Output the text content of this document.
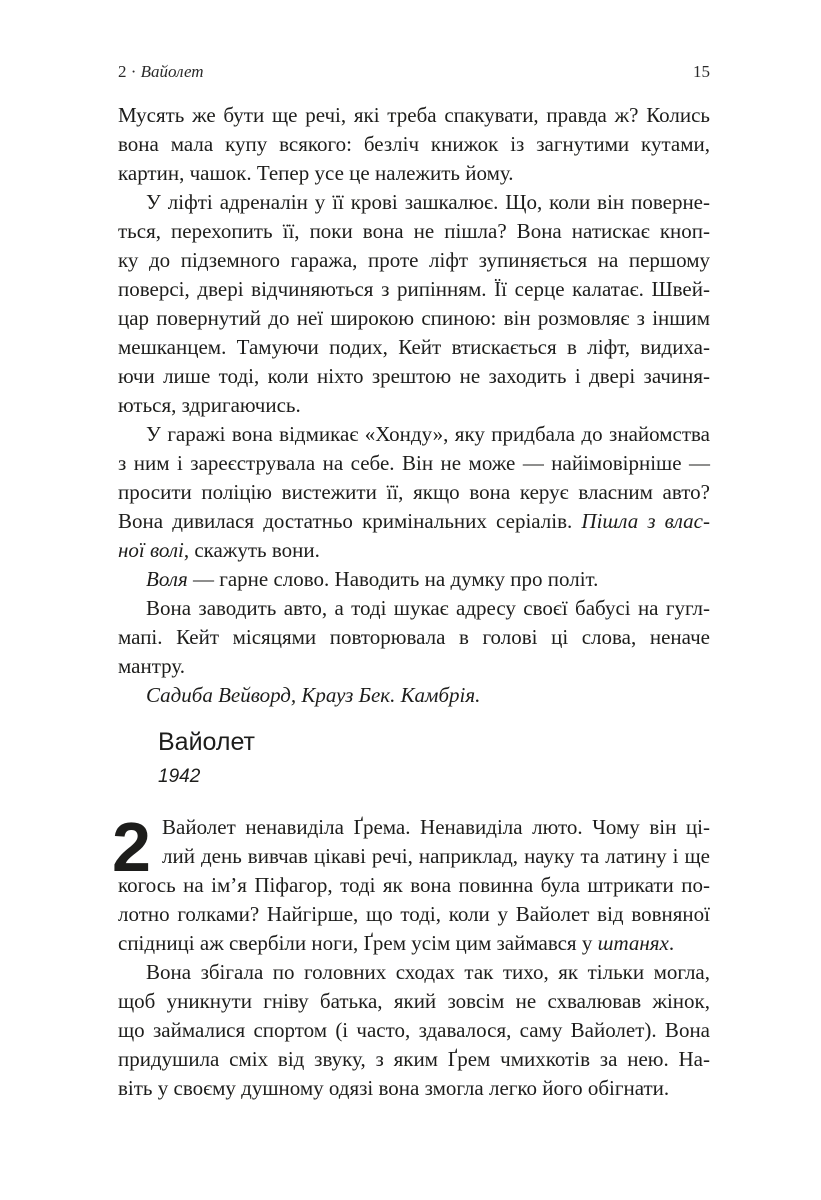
2 · Вайолет	15

Мусять же бути ще речі, які треба спакувати, правда ж? Колись

вона мала купу всякого: безліч книжок із загнутими кутами,

картин, чашок. Тепер усе це належить йому.

У ліфті адреналін у її крові зашкалює. Що, коли він поверне-

ться, перехопить її, поки вона не пішла? Вона натискає кноп-

ку до підземного гаража, проте ліфт зупиняється на першому

поверсі, двері відчиняються з рипінням. Її серце калатає. Швей-

цар повернутий до неї широкою спиною: він розмовляє з іншим

мешканцем. Тамуючи подих, Кейт втискається в ліфт, видиха-

ючи лише тоді, коли ніхто зрештою не заходить і двері зачиня-

ються, здригаючись.

У гаражі вона відмикає «Хонду», яку придбала до знайомства

з ним і зареєструвала на себе. Він не може — найімовірніше —

просити поліцію вистежити її, якщо вона керує власним авто?

Вона дивилася достатньо кримінальних серіалів. Пішла з влас-

ної волі, скажуть вони.

Воля — гарне слово. Наводить на думку про політ.

Вона заводить авто, а тоді шукає адресу своєї бабусі на гугл-

мапі. Кейт місяцями повторювала в голові ці слова, неначе мантру.

Садиба Вейворд, Крауз Бек. Камбрія.

Вайолет
1942
2 Вайолет ненавиділа Ґрема. Ненавиділа люто. Чому він ці-

лий день вивчав цікаві речі, наприклад, науку та латину і ще

когось на ім’я Піфагор, тоді як вона повинна була штрикати по-

лотно голками? Найгірше, що тоді, коли у Вайолет від вовняної

спідниці аж свербіли ноги, Ґрем усім цим займався у штанях.

Вона збігала по головних сходах так тихо, як тільки могла,

щоб уникнути гніву батька, який зовсім не схвалював жінок,

що займалися спортом (і часто, здавалося, саму Вайолет). Вона

придушила сміх від звуку, з яким Ґрем чмихкотів за нею. На-

віть у своєму душному одязі вона змогла легко його обігнати.
